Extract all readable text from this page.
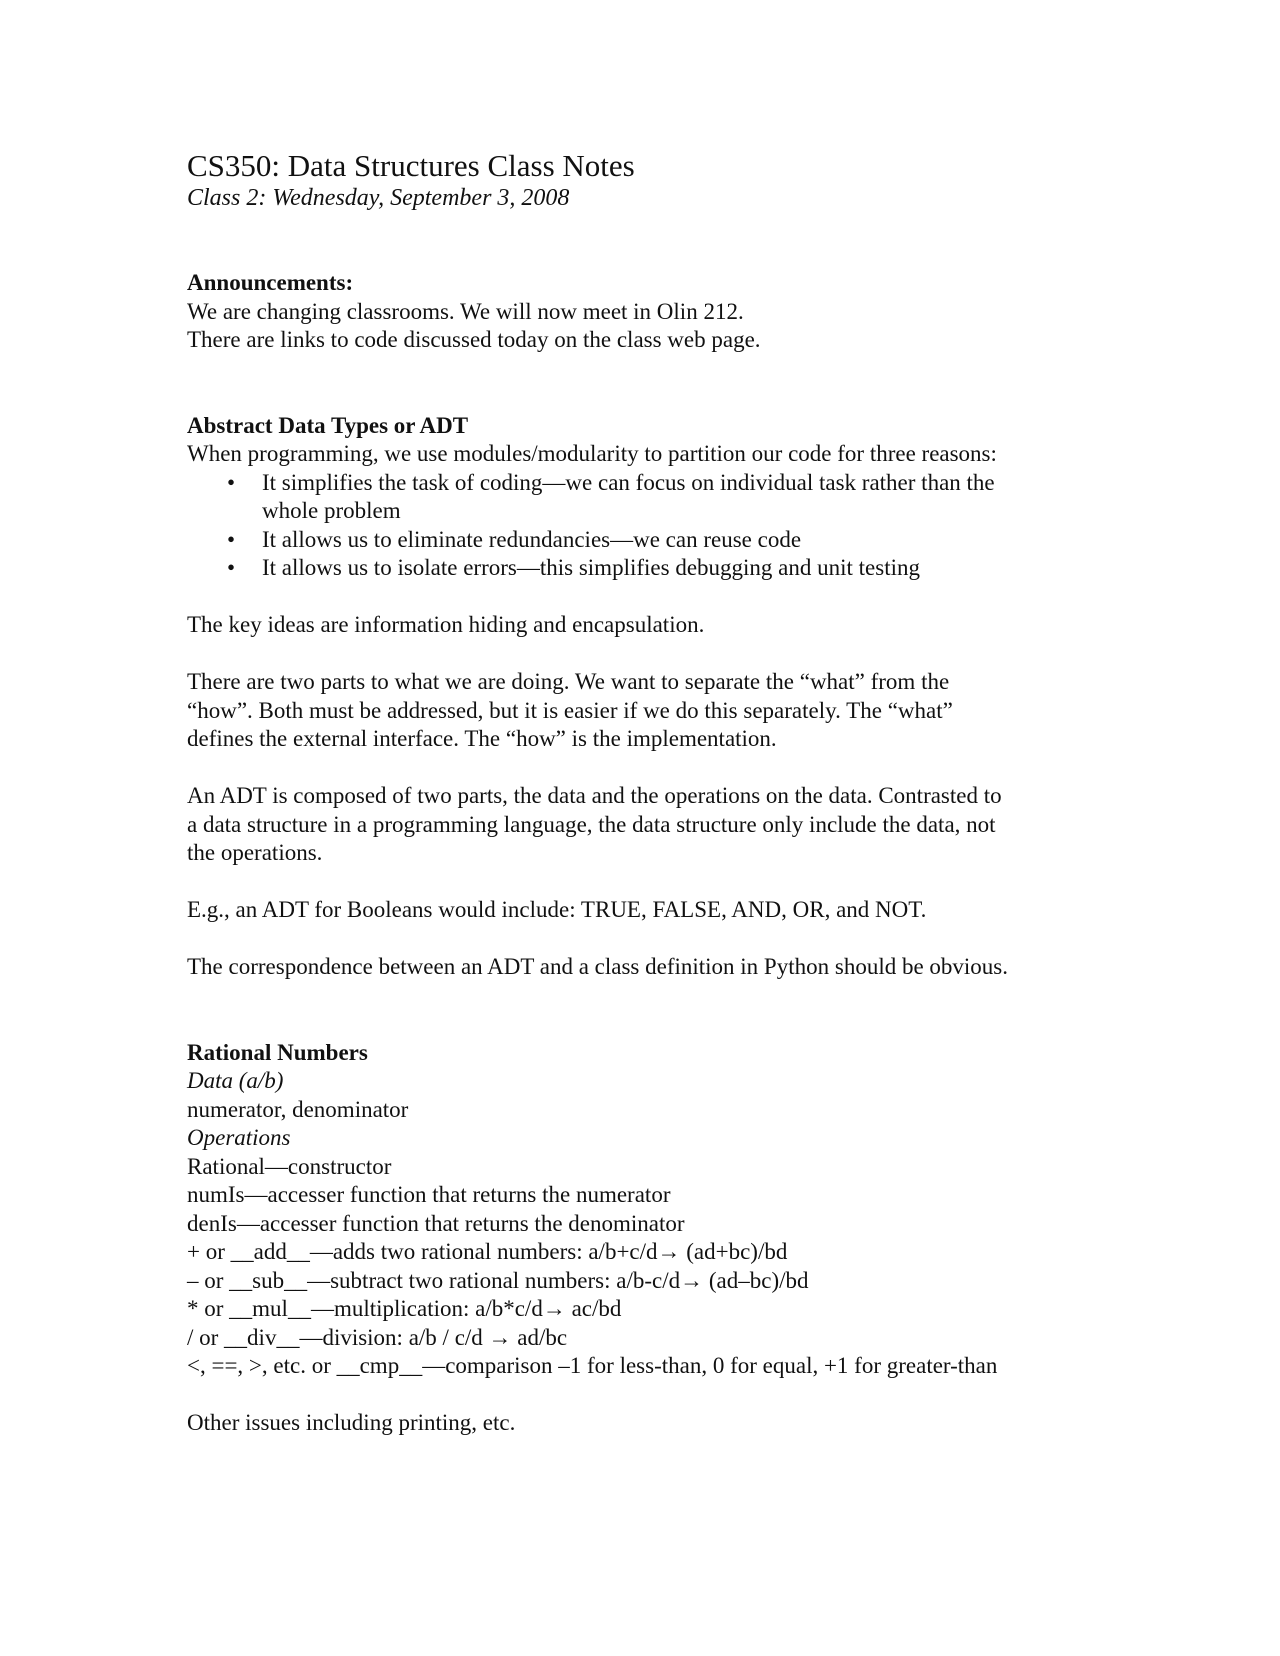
CS350: Data Structures Class Notes

Class 2: Wednesday, September 3, 2008

Announcements:

We are changing classrooms. We will now meet in Olin 212.

There are links to code discussed today on the class web page.

Abstract Data Types or ADT

When programming, we use modules/modularity to partition our code for three reasons:

• It simplifies the task of coding—we can focus on individual task rather than the
whole problem
• It allows us to eliminate redundancies—we can reuse code
• It allows us to isolate errors—this simplifies debugging and unit testing

The key ideas are information hiding and encapsulation.

There are two parts to what we are doing. We want to separate the “what” from the

“how”. Both must be addressed, but it is easier if we do this separately. The “what”

defines the external interface. The “how” is the implementation.

An ADT is composed of two parts, the data and the operations on the data. Contrasted to

a data structure in a programming language, the data structure only include the data, not

the operations.

E.g., an ADT for Booleans would include: TRUE, FALSE, AND, OR, and NOT.

The correspondence between an ADT and a class definition in Python should be obvious.

Rational Numbers

Data (a/b)

numerator, denominator

Operations

Rational—constructor

numIs—accesser function that returns the numerator

denIs—accesser function that returns the denominator

+ or __add__—adds two rational numbers: a/b+c/d→ (ad+bc)/bd

– or __sub__—subtract two rational numbers: a/b-c/d→ (ad–bc)/bd

* or __mul__—multiplication: a/b*c/d→ ac/bd

/ or __div__—division: a/b / c/d → ad/bc

<, ==, >, etc. or __cmp__—comparison –1 for less-than, 0 for equal, +1 for greater-than

Other issues including printing, etc.
